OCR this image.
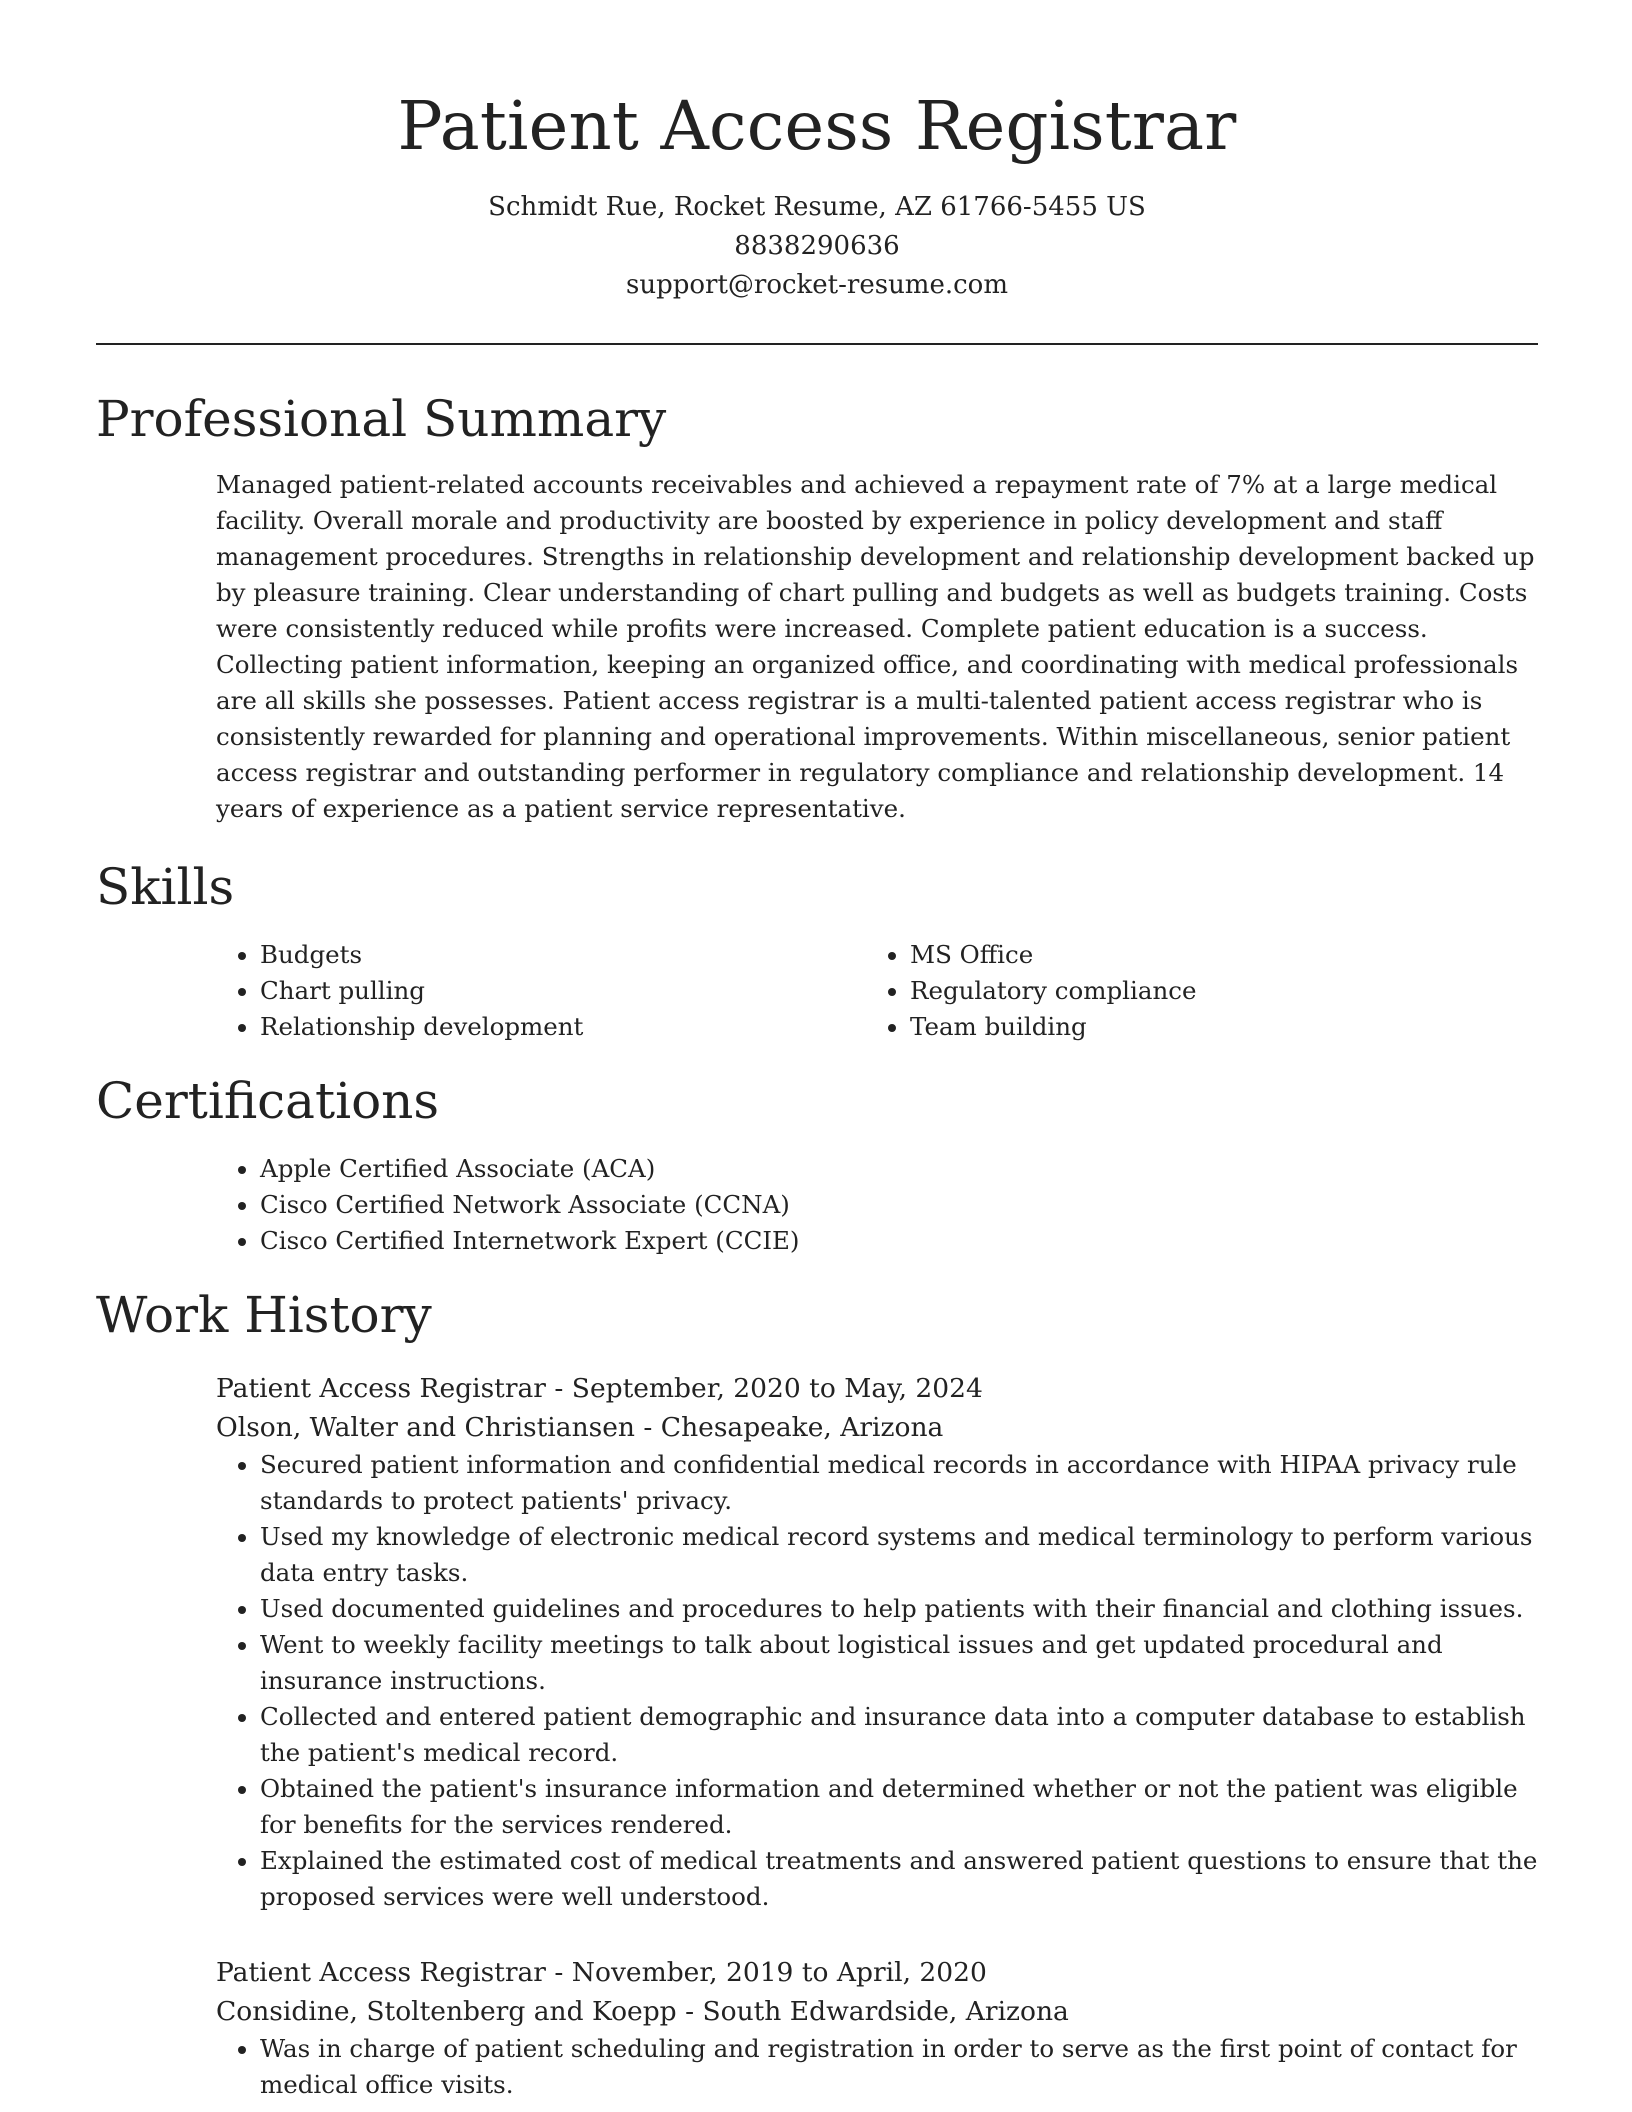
Patient Access Registrar
Schmidt Rue, Rocket Resume, AZ 61766-5455 US
8838290636
support@rocket-resume.com
Professional Summary
Managed patient-related accounts receivables and achieved a repayment rate of 7% at a large medical facility. Overall morale and productivity are boosted by experience in policy development and staff management procedures. Strengths in relationship development and relationship development backed up by pleasure training. Clear understanding of chart pulling and budgets as well as budgets training. Costs were consistently reduced while profits were increased. Complete patient education is a success. Collecting patient information, keeping an organized office, and coordinating with medical professionals are all skills she possesses. Patient access registrar is a multi-talented patient access registrar who is consistently rewarded for planning and operational improvements. Within miscellaneous, senior patient access registrar and outstanding performer in regulatory compliance and relationship development. 14 years of experience as a patient service representative.
Skills
• Budgets
• Chart pulling
• Relationship development
• MS Office
• Regulatory compliance
• Team building
Certifications
• Apple Certified Associate (ACA)
• Cisco Certified Network Associate (CCNA)
• Cisco Certified Internetwork Expert (CCIE)
Work History
Patient Access Registrar - September, 2020 to May, 2024
Olson, Walter and Christiansen - Chesapeake, Arizona
• Secured patient information and confidential medical records in accordance with HIPAA privacy rule standards to protect patients' privacy.
• Used my knowledge of electronic medical record systems and medical terminology to perform various data entry tasks.
• Used documented guidelines and procedures to help patients with their financial and clothing issues.
• Went to weekly facility meetings to talk about logistical issues and get updated procedural and insurance instructions.
• Collected and entered patient demographic and insurance data into a computer database to establish the patient's medical record.
• Obtained the patient's insurance information and determined whether or not the patient was eligible for benefits for the services rendered.
• Explained the estimated cost of medical treatments and answered patient questions to ensure that the proposed services were well understood.
Patient Access Registrar - November, 2019 to April, 2020
Considine, Stoltenberg and Koepp - South Edwardside, Arizona
• Was in charge of patient scheduling and registration in order to serve as the first point of contact for medical office visits.
